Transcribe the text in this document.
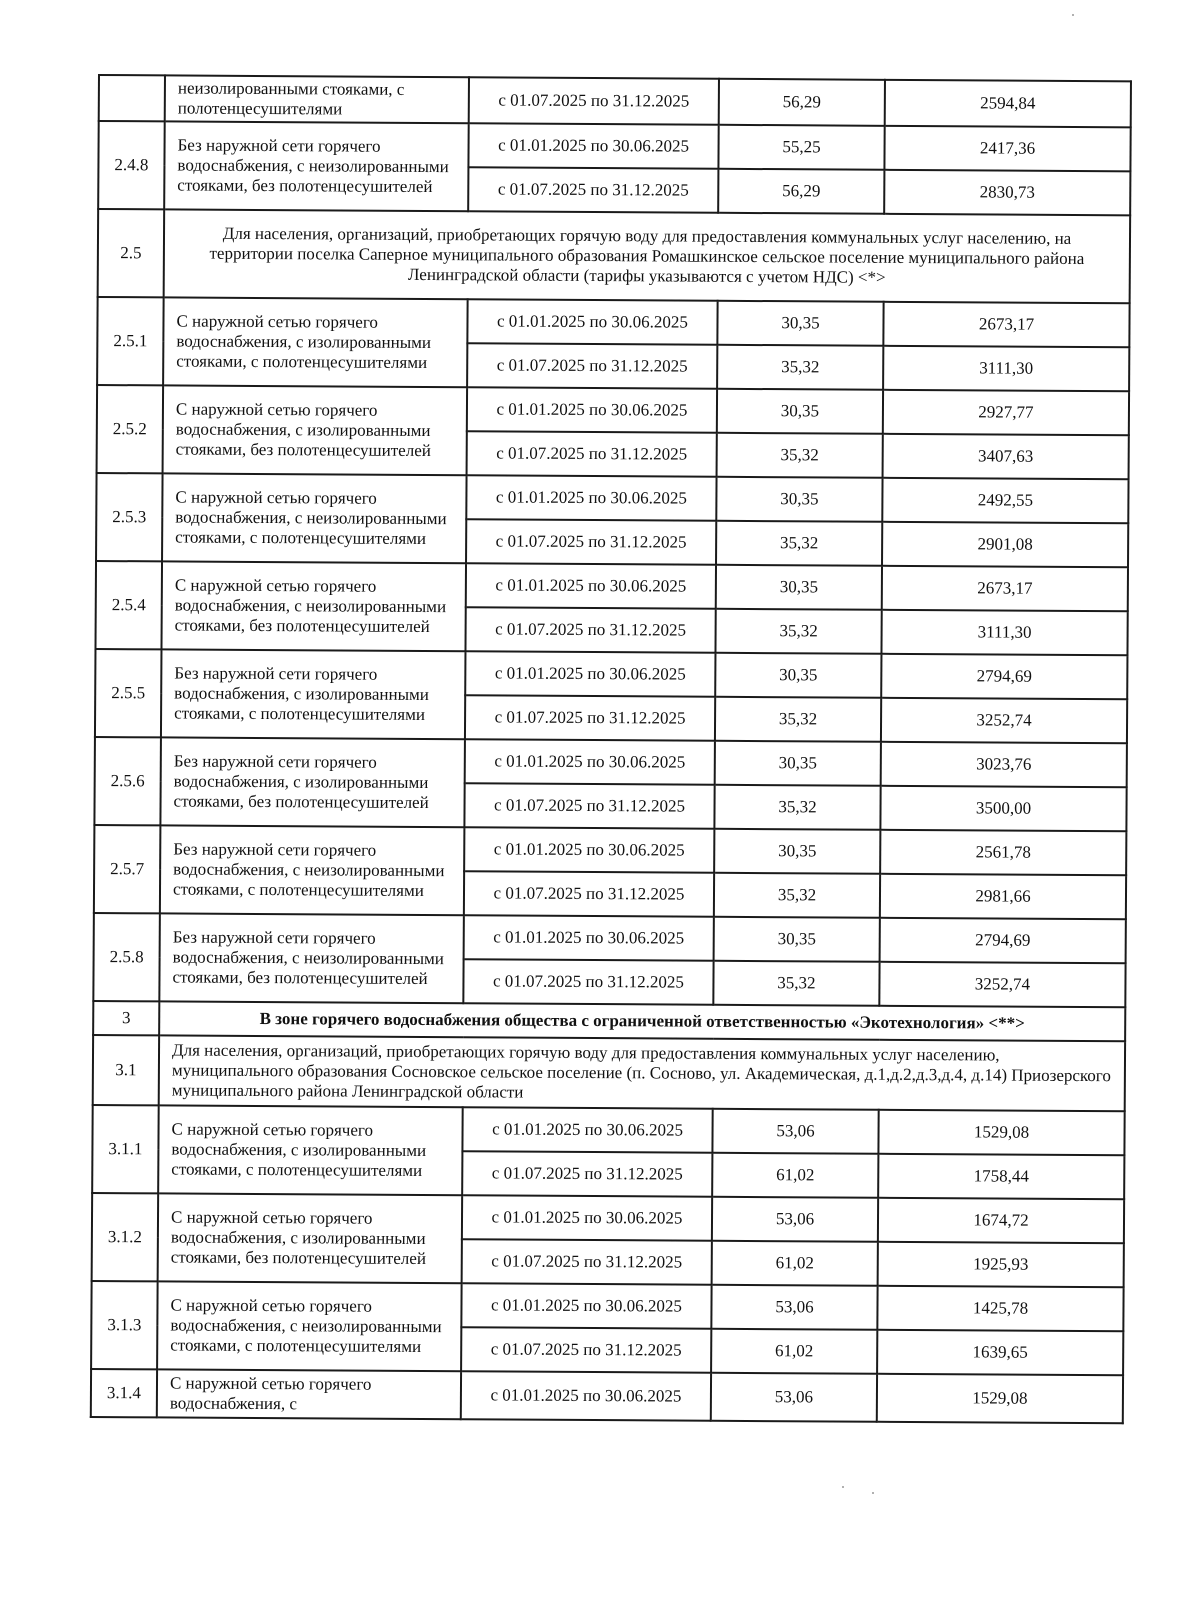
	неизолированными стояками, с полотенцесушителями	с 01.07.2025 по 31.12.2025	56,29	2594,84
2.4.8	Без наружной сети горячего водоснабжения, с неизолированными стояками, без полотенцесушителей	с 01.01.2025 по 30.06.2025	55,25	2417,36
		с 01.07.2025 по 31.12.2025	56,29	2830,73
2.5	Для населения, организаций, приобретающих горячую воду для предоставления коммунальных услуг населению, на территории поселка Саперное муниципального образования Ромашкинское сельское поселение муниципального района Ленинградской области (тарифы указываются с учетом НДС) <*>			
2.5.1	С наружной сетью горячего водоснабжения, с изолированными стояками, с полотенцесушителями	с 01.01.2025 по 30.06.2025	30,35	2673,17
		с 01.07.2025 по 31.12.2025	35,32	3111,30
2.5.2	С наружной сетью горячего водоснабжения, с изолированными стояками, без полотенцесушителей	с 01.01.2025 по 30.06.2025	30,35	2927,77
		с 01.07.2025 по 31.12.2025	35,32	3407,63
2.5.3	С наружной сетью горячего водоснабжения, с неизолированными стояками, с полотенцесушителями	с 01.01.2025 по 30.06.2025	30,35	2492,55
		с 01.07.2025 по 31.12.2025	35,32	2901,08
2.5.4	С наружной сетью горячего водоснабжения, с неизолированными стояками, без полотенцесушителей	с 01.01.2025 по 30.06.2025	30,35	2673,17
		с 01.07.2025 по 31.12.2025	35,32	3111,30
2.5.5	Без наружной сети горячего водоснабжения, с изолированными стояками, с полотенцесушителями	с 01.01.2025 по 30.06.2025	30,35	2794,69
		с 01.07.2025 по 31.12.2025	35,32	3252,74
2.5.6	Без наружной сети горячего водоснабжения, с изолированными стояками, без полотенцесушителей	с 01.01.2025 по 30.06.2025	30,35	3023,76
		с 01.07.2025 по 31.12.2025	35,32	3500,00
2.5.7	Без наружной сети горячего водоснабжения, с неизолированными стояками, с полотенцесушителями	с 01.01.2025 по 30.06.2025	30,35	2561,78
		с 01.07.2025 по 31.12.2025	35,32	2981,66
2.5.8	Без наружной сети горячего водоснабжения, с неизолированными стояками, без полотенцесушителей	с 01.01.2025 по 30.06.2025	30,35	2794,69
		с 01.07.2025 по 31.12.2025	35,32	3252,74
3	В зоне горячего водоснабжения общества с ограниченной ответственностью «Экотехнология» <**>			
3.1	Для населения, организаций, приобретающих горячую воду для предоставления коммунальных услуг населению, муниципального образования Сосновское сельское поселение (п. Сосново, ул. Академическая, д.1,д.2,д.3,д.4, д.14) Приозерского муниципального района Ленинградской области			
3.1.1	С наружной сетью горячего водоснабжения, с изолированными стояками, с полотенцесушителями	с 01.01.2025 по 30.06.2025	53,06	1529,08
		с 01.07.2025 по 31.12.2025	61,02	1758,44
3.1.2	С наружной сетью горячего водоснабжения, с изолированными стояками, без полотенцесушителей	с 01.01.2025 по 30.06.2025	53,06	1674,72
		с 01.07.2025 по 31.12.2025	61,02	1925,93
3.1.3	С наружной сетью горячего водоснабжения, с неизолированными стояками, с полотенцесушителями	с 01.01.2025 по 30.06.2025	53,06	1425,78
		с 01.07.2025 по 31.12.2025	61,02	1639,65
3.1.4	С наружной сетью горячего водоснабжения, с	с 01.01.2025 по 30.06.2025	53,06	1529,08
